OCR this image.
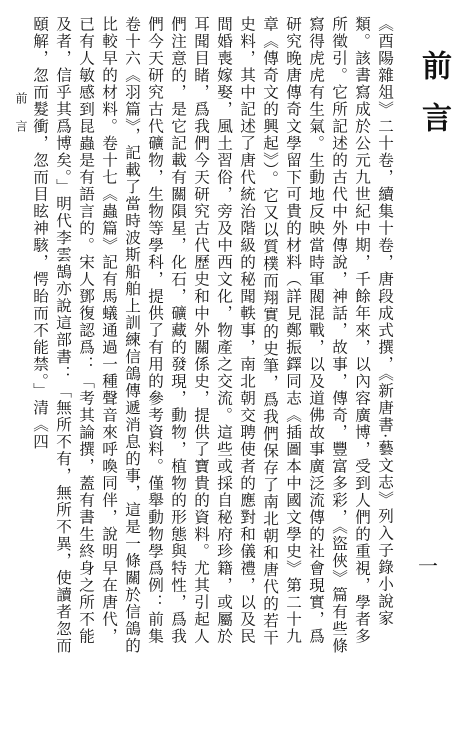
前言
《酉陽雜俎》二十卷，續集十卷，唐段成式撰，《新唐書·藝文志》列入子錄小說家類。該書寫成於公元九世紀中期，千餘年來，以內容廣博，受到人們的重視，學者多所徵引。它所記述的古代中外傳說，神話，故事，傳奇，豐富多彩，《盜俠》篇有些條寫得虎虎有生氣。生動地反映當時軍閥混戰，以及道佛故事廣泛流傳的社會現實，爲研究晚唐傳奇文學留下可貴的材料（詳見鄭振鐸同志《插圖本中國文學史》第二十九章《傳奇文的興起》）。它又以質樸而翔實的史筆，爲我們保存了南北朝和唐代的若干史料，其中記述了唐代統治階級的秘聞軼事，南北朝交聘使者的應對和儀禮，以及民間婚喪嫁娶，風土習俗，旁及中西文化，物產之交流。這些或採自秘府珍籍，或屬於耳聞目睹，爲我們今天研究古代歷史和中外關係史，提供了寶貴的資料。尤其引起人們注意的，是它記載有關隕星，化石，礦藏的發現，動物，植物的形態與特性，爲我們今天研究古代礦物，生物等學科，提供了有用的參考資料。僅舉動物學爲例：前集卷十六《羽篇》，記載了當時波斯船舶上訓練信鴿傳遞消息的事，這是一條關於信鴿的比較早的材料。卷十七《蟲篇》記有馬蟻通過一種聲音來呼喚同伴，說明早在唐代，已有人敏感到昆蟲是有語言的。宋人鄧復認爲：「考其論撰，蓋有書生終身之所不能及者，信乎其爲博矣。」明代李雲鵠亦說這部書：「無所不有，無所不異，使讀者忽而頤解，忽而髮衝，忽而目眩神駭，愕眙而不能禁。」清《四
前
言
一
